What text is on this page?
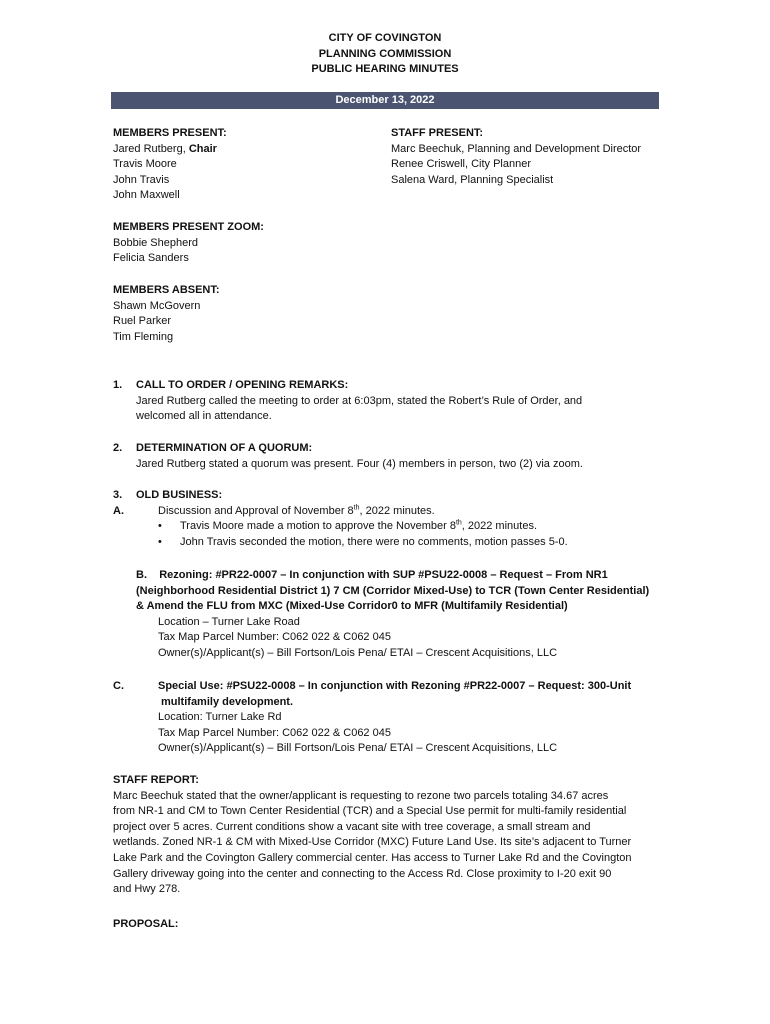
CITY OF COVINGTON
PLANNING COMMISSION
PUBLIC HEARING MINUTES
December 13, 2022
MEMBERS PRESENT:
Jared Rutberg, Chair
Travis Moore
John Travis
John Maxwell
STAFF PRESENT:
Marc Beechuk, Planning and Development Director
Renee Criswell, City Planner
Salena Ward, Planning Specialist
MEMBERS PRESENT ZOOM:
Bobbie Shepherd
Felicia Sanders
MEMBERS ABSENT:
Shawn McGovern
Ruel Parker
Tim Fleming
1. CALL TO ORDER / OPENING REMARKS:
Jared Rutberg called the meeting to order at 6:03pm, stated the Robert’s Rule of Order, and
welcomed all in attendance.
2. DETERMINATION OF A QUORUM:
Jared Rutberg stated a quorum was present. Four (4) members in person, two (2) via zoom.
3. OLD BUSINESS:
A.	Discussion and Approval of November 8th, 2022 minutes.
• Travis Moore made a motion to approve the November 8th, 2022 minutes.
• John Travis seconded the motion, there were no comments, motion passes 5-0.
B.    Rezoning: #PR22-0007 – In conjunction with SUP #PSU22-0008 – Request – From NR1
(Neighborhood Residential District 1) 7 CM (Corridor Mixed-Use) to TCR (Town Center Residential)
& Amend the FLU from MXC (Mixed-Use Corridor0 to MFR (Multifamily Residential)
Location – Turner Lake Road
Tax Map Parcel Number: C062 022 & C062 045
Owner(s)/Applicant(s) – Bill Fortson/Lois Pena/ ETAI – Crescent Acquisitions, LLC
C.	Special Use: #PSU22-0008 – In conjunction with Rezoning #PR22-0007 – Request: 300-Unit
multifamily development.
Location: Turner Lake Rd
Tax Map Parcel Number: C062 022 & C062 045
Owner(s)/Applicant(s) – Bill Fortson/Lois Pena/ ETAI – Crescent Acquisitions, LLC
STAFF REPORT:
Marc Beechuk stated that the owner/applicant is requesting to rezone two parcels totaling 34.67 acres
from NR-1 and CM to Town Center Residential (TCR) and a Special Use permit for multi-family residential
project over 5 acres. Current conditions show a vacant site with tree coverage, a small stream and
wetlands. Zoned NR-1 & CM with Mixed-Use Corridor (MXC) Future Land Use. Its site’s adjacent to Turner
Lake Park and the Covington Gallery commercial center. Has access to Turner Lake Rd and the Covington
Gallery driveway going into the center and connecting to the Access Rd. Close proximity to I-20 exit 90
and Hwy 278.
PROPOSAL:
